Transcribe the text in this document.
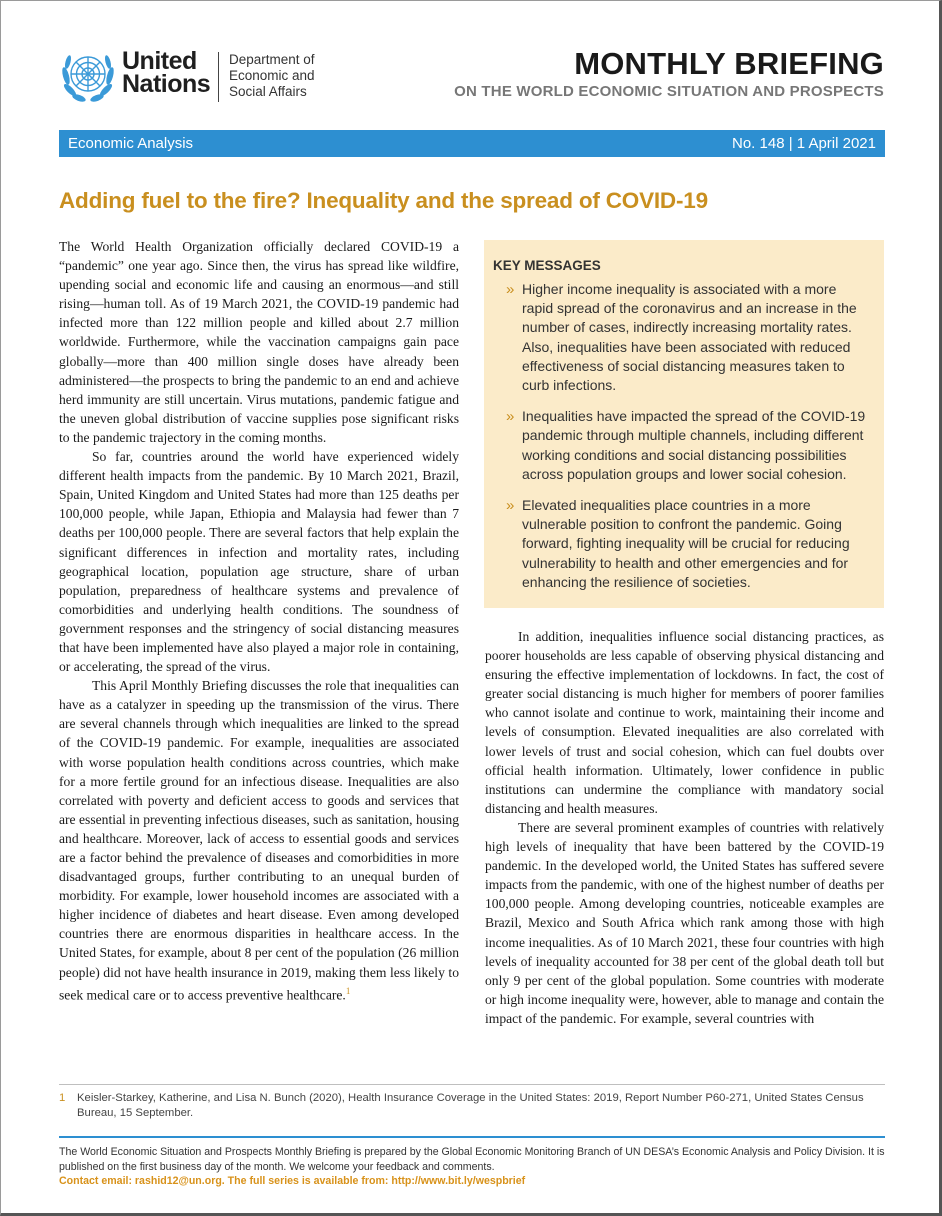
United
Nations
Department of
Economic and
Social Affairs
MONTHLY BRIEFING
ON THE WORLD ECONOMIC SITUATION AND PROSPECTS
Economic Analysis	No. 148 | 1 April 2021
Adding fuel to the fire? Inequality and the spread of COVID-19

The World Health Organization officially declared COVID-19 a “pandemic” one year ago. Since then, the virus has spread like wildfire, upending social and economic life and causing an enormous—and still rising—human toll. As of 19 March 2021, the COVID-19 pandemic had infected more than 122 million people and killed about 2.7 million worldwide. Furthermore, while the vaccination campaigns gain pace globally—more than 400 million single doses have already been administered—the prospects to bring the pandemic to an end and achieve herd immunity are still uncertain. Virus mutations, pandemic fatigue and the uneven global distribution of vaccine supplies pose significant risks to the pandemic trajectory in the coming months.

So far, countries around the world have experienced widely different health impacts from the pandemic. By 10 March 2021, Brazil, Spain, United Kingdom and United States had more than 125 deaths per 100,000 people, while Japan, Ethiopia and Malaysia had fewer than 7 deaths per 100,000 people. There are several factors that help explain the significant differences in infection and mortality rates, including geographical location, population age structure, share of urban population, preparedness of healthcare systems and prevalence of comorbidities and underlying health conditions. The soundness of government responses and the stringency of social distancing measures that have been implemented have also played a major role in containing, or accelerating, the spread of the virus.

This April Monthly Briefing discusses the role that inequalities can have as a catalyzer in speeding up the transmission of the virus. There are several channels through which inequalities are linked to the spread of the COVID-19 pandemic. For example, inequalities are associated with worse population health conditions across countries, which make for a more fertile ground for an infectious disease. Inequalities are also correlated with poverty and deficient access to goods and services that are essential in preventing infectious diseases, such as sanitation, housing and healthcare. Moreover, lack of access to essential goods and services are a factor behind the prevalence of diseases and comorbidities in more disadvantaged groups, further contributing to an unequal burden of morbidity. For example, lower household incomes are associated with a higher incidence of diabetes and heart disease. Even among developed countries there are enormous disparities in healthcare access. In the United States, for example, about 8 per cent of the population (26 million people) did not have health insurance in 2019, making them less likely to seek medical care or to access preventive healthcare.$^1$

KEY MESSAGES
» Higher income inequality is associated with a more rapid spread of the coronavirus and an increase in the number of cases, indirectly increasing mortality rates. Also, inequalities have been associated with reduced effectiveness of social distancing measures taken to curb infections.
» Inequalities have impacted the spread of the COVID-19 pandemic through multiple channels, including different working conditions and social distancing possibilities across population groups and lower social cohesion.
» Elevated inequalities place countries in a more vulnerable position to confront the pandemic. Going forward, fighting inequality will be crucial for reducing vulnerability to health and other emergencies and for enhancing the resilience of societies.

In addition, inequalities influence social distancing practices, as poorer households are less capable of observing physical distancing and ensuring the effective implementation of lockdowns. In fact, the cost of greater social distancing is much higher for members of poorer families who cannot isolate and continue to work, maintaining their income and levels of consumption. Elevated inequalities are also correlated with lower levels of trust and social cohesion, which can fuel doubts over official health information. Ultimately, lower confidence in public institutions can undermine the compliance with mandatory social distancing and health measures.

There are several prominent examples of countries with relatively high levels of inequality that have been battered by the COVID-19 pandemic. In the developed world, the United States has suffered severe impacts from the pandemic, with one of the highest number of deaths per 100,000 people. Among developing countries, noticeable examples are Brazil, Mexico and South Africa which rank among those with high income inequalities. As of 10 March 2021, these four countries with high levels of inequality accounted for 38 per cent of the global death toll but only 9 per cent of the global population. Some countries with moderate or high income inequality were, however, able to manage and contain the impact of the pandemic. For example, several countries with

1 Keisler-Starkey, Katherine, and Lisa N. Bunch (2020), Health Insurance Coverage in the United States: 2019, Report Number P60-271, United States Census Bureau, 15 September.
The World Economic Situation and Prospects Monthly Briefing is prepared by the Global Economic Monitoring Branch of UN DESA’s Economic Analysis and Policy Division. It is published on the first business day of the month. We welcome your feedback and comments.
Contact email: rashid12@un.org. The full series is available from: http://www.bit.ly/wespbrief
